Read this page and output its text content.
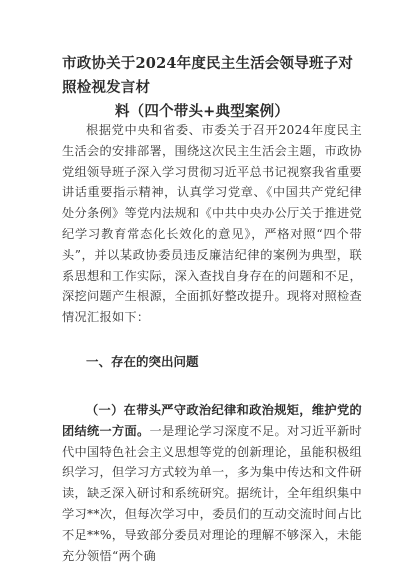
市政协关于2024年度民主生活会领导班子对照检视发言材
料（四个带头+典型案例）
根据党中央和省委、市委关于召开2024年度民主生活会的安排部署，围绕这次民主生活会主题，市政协党组领导班子深入学习贯彻习近平总书记视察我省重要讲话重要指示精神，认真学习党章、《中国共产党纪律处分条例》等党内法规和《中共中央办公厅关于推进党纪学习教育常态化长效化的意见》，严格对照“四个带头”，并以某政协委员违反廉洁纪律的案例为典型，联系思想和工作实际，深入查找自身存在的问题和不足，深挖问题产生根源，全面抓好整改提升。现将对照检查情况汇报如下：
一、存在的突出问题
（一）在带头严守政治纪律和政治规矩，维护党的团结统一方面。一是理论学习深度不足。对习近平新时代中国特色社会主义思想等党的创新理论，虽能积极组织学习，但学习方式较为单一，多为集中传达和文件研读，缺乏深入研讨和系统研究。据统计，全年组织集中学习**次，但每次学习中，委员们的互动交流时间占比不足**%，导致部分委员对理论的理解不够深入，未能充分领悟“两个确
